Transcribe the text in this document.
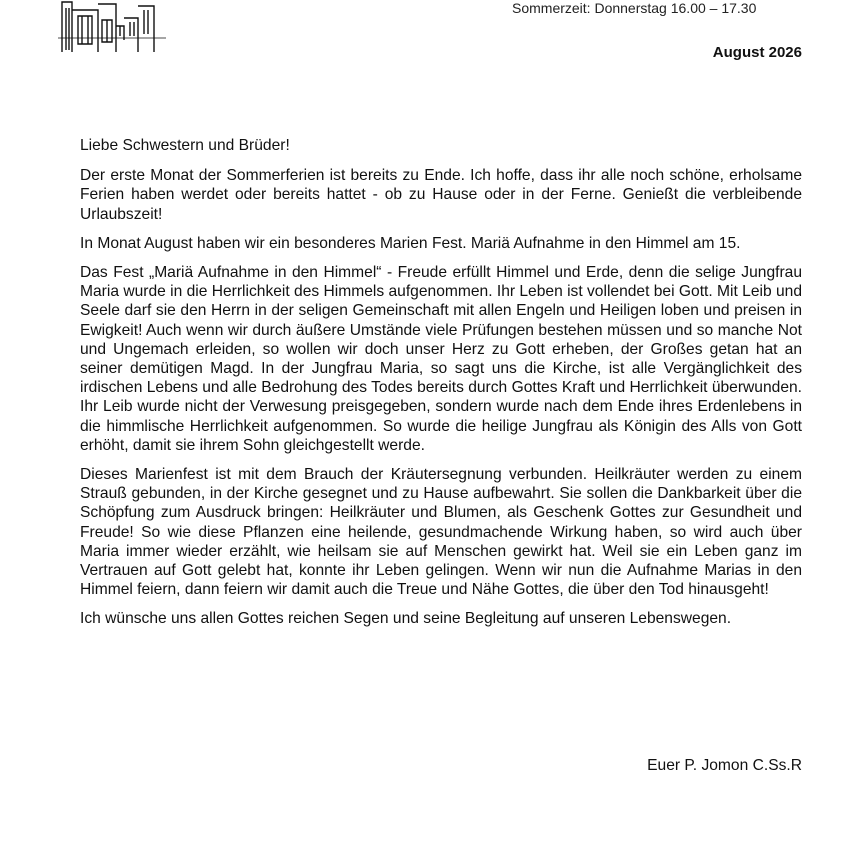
Sommerzeit: Donnerstag 16.00 – 17.30
August 2026

Liebe Schwestern und Brüder!

Der erste Monat der Sommerferien ist bereits zu Ende. Ich hoffe, dass ihr alle noch schöne, erholsame Ferien haben werdet oder bereits hattet - ob zu Hause oder in der Ferne. Genießt die verbleibende Urlaubszeit!

In Monat August haben wir ein besonderes Marien Fest. Mariä Aufnahme in den Himmel am 15.

Das Fest „Mariä Aufnahme in den Himmel“ - Freude erfüllt Himmel und Erde, denn die selige Jungfrau Maria wurde in die Herrlichkeit des Himmels aufgenommen. Ihr Leben ist vollendet bei Gott. Mit Leib und Seele darf sie den Herrn in der seligen Gemeinschaft mit allen Engeln und Heiligen loben und preisen in Ewigkeit! Auch wenn wir durch äußere Umstände viele Prüfungen bestehen müssen und so manche Not und Ungemach erleiden, so wollen wir doch unser Herz zu Gott erheben, der Großes getan hat an seiner demütigen Magd. In der Jungfrau Maria, so sagt uns die Kirche, ist alle Vergänglichkeit des irdischen Lebens und alle Bedrohung des Todes bereits durch Gottes Kraft und Herrlichkeit überwunden. Ihr Leib wurde nicht der Verwesung preisgegeben, sondern wurde nach dem Ende ihres Erdenlebens in die himmlische Herrlichkeit aufgenommen. So wurde die heilige Jungfrau als Königin des Alls von Gott erhöht, damit sie ihrem Sohn gleichgestellt werde.

Dieses Marienfest ist mit dem Brauch der Kräutersegnung verbunden. Heilkräuter werden zu einem Strauß gebunden, in der Kirche gesegnet und zu Hause aufbewahrt. Sie sollen die Dankbarkeit über die Schöpfung zum Ausdruck bringen: Heilkräuter und Blumen, als Geschenk Gottes zur Gesundheit und Freude! So wie diese Pflanzen eine heilende, gesundmachende Wirkung haben, so wird auch über Maria immer wieder erzählt, wie heilsam sie auf Menschen gewirkt hat. Weil sie ein Leben ganz im Vertrauen auf Gott gelebt hat, konnte ihr Leben gelingen. Wenn wir nun die Aufnahme Marias in den Himmel feiern, dann feiern wir damit auch die Treue und Nähe Gottes, die über den Tod hinausgeht!

Ich wünsche uns allen Gottes reichen Segen und seine Begleitung auf unseren Lebenswegen.

Euer P. Jomon C.Ss.R
